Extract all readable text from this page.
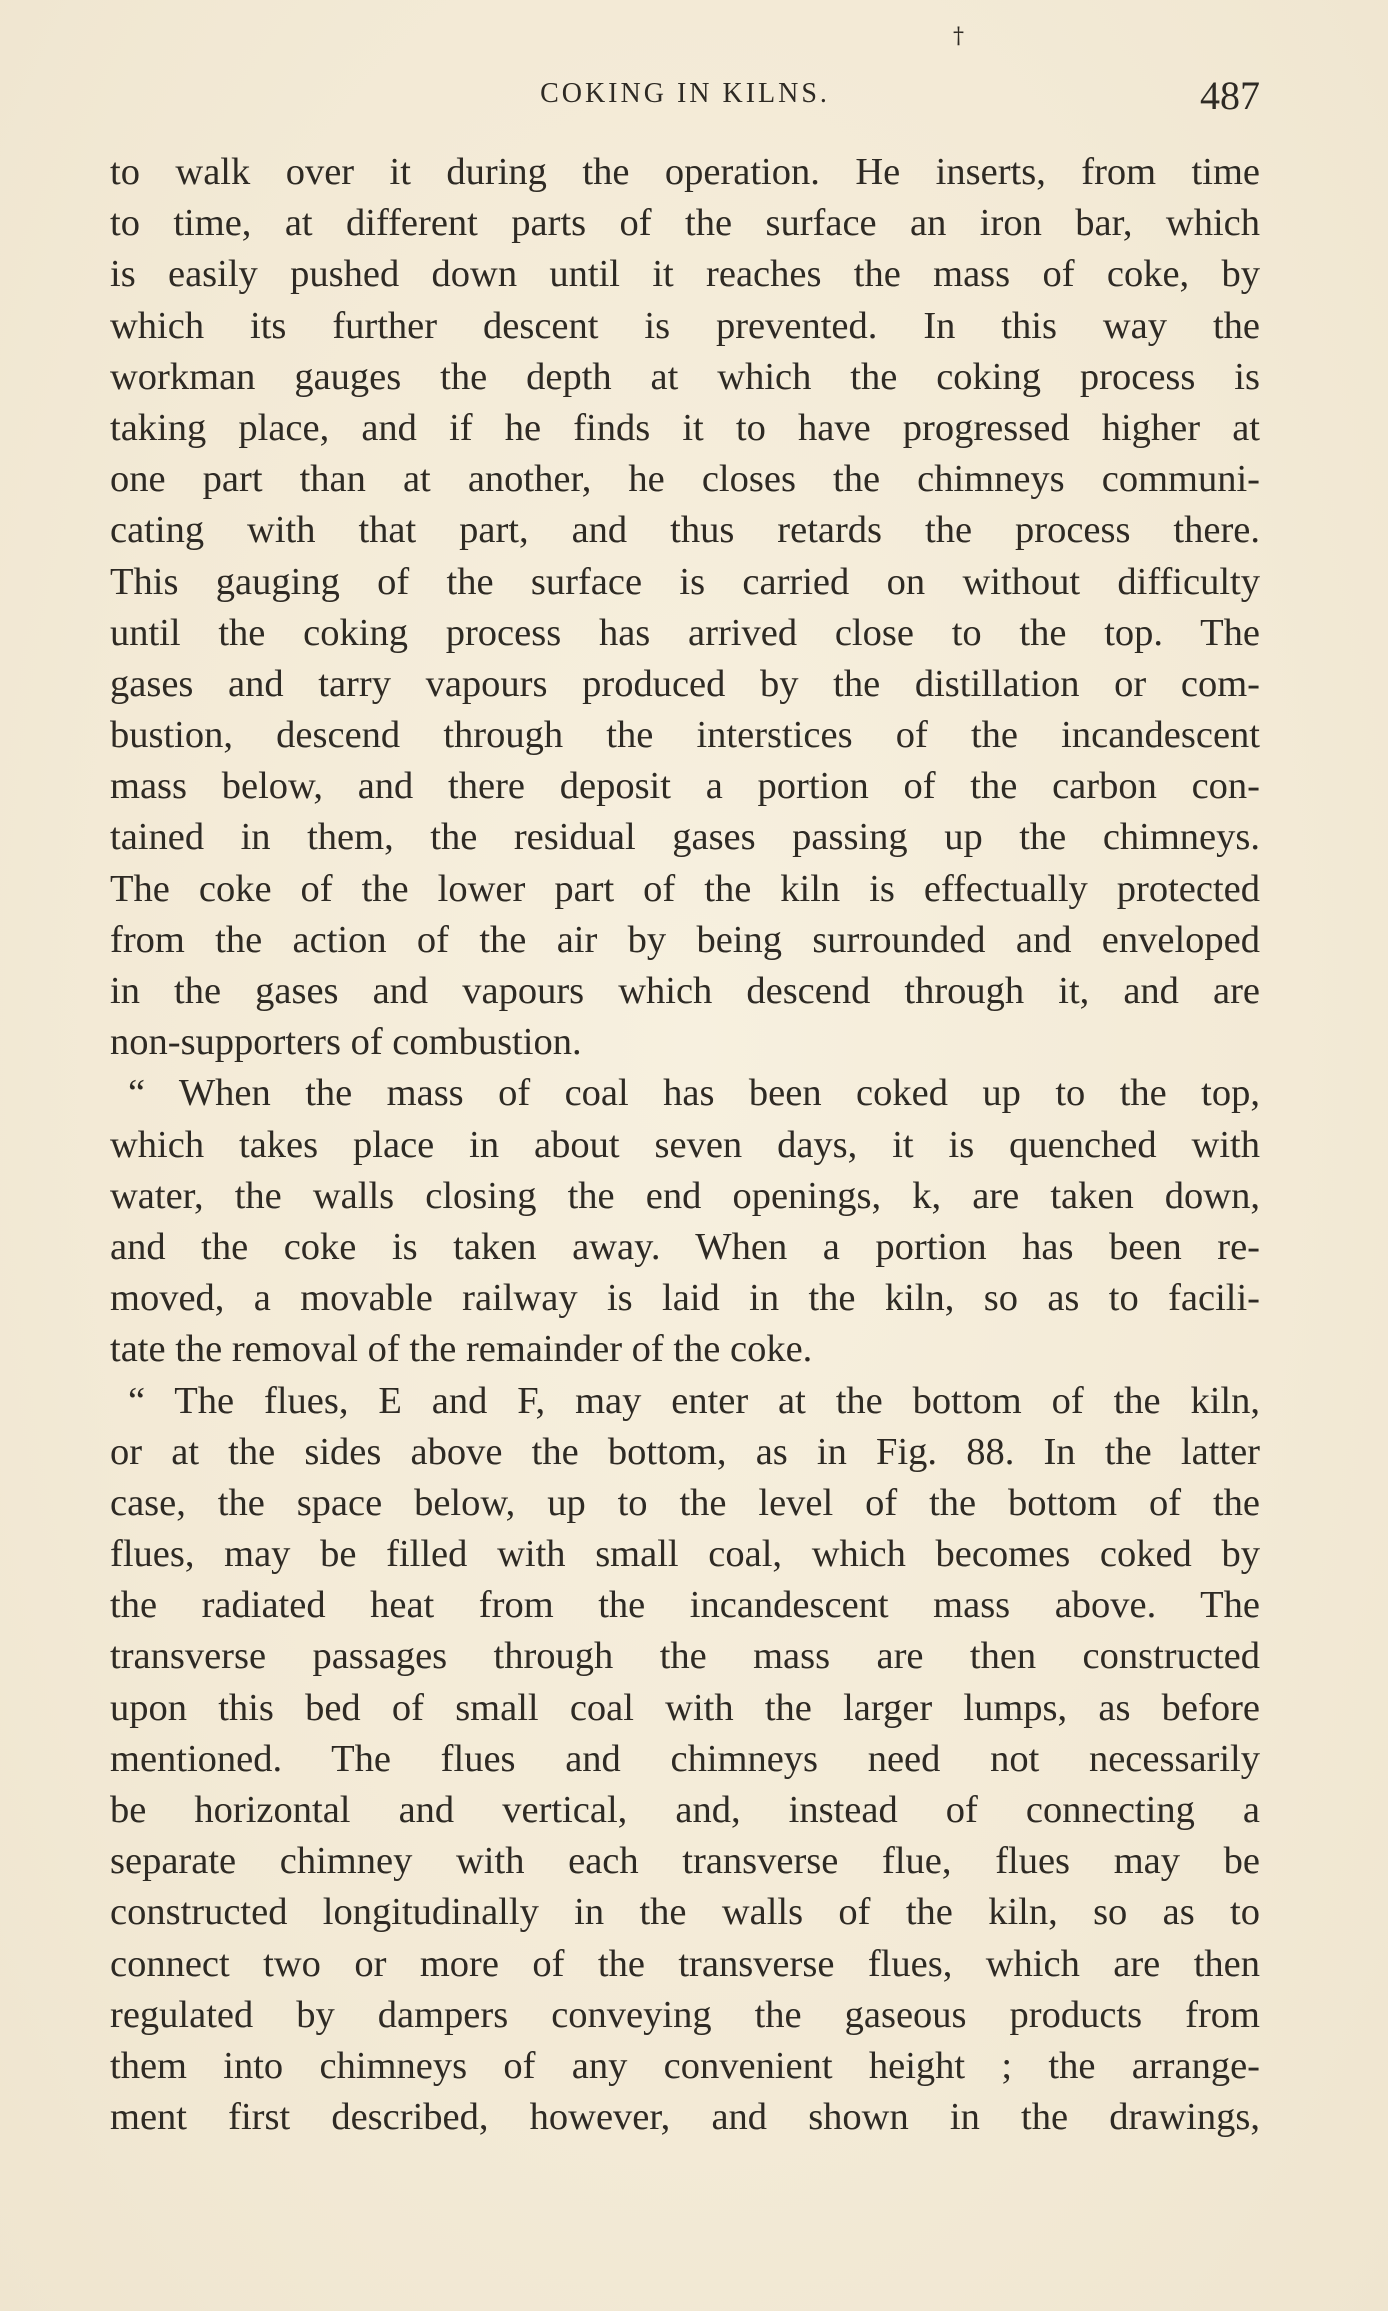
†
COKING IN KILNS.	487
to walk over it during the operation. He inserts, from time
to time, at different parts of the surface an iron bar, which
is easily pushed down until it reaches the mass of coke, by
which its further descent is prevented. In this way the
workman gauges the depth at which the coking process is
taking place, and if he finds it to have progressed higher at
one part than at another, he closes the chimneys communi-
cating with that part, and thus retards the process there.
This gauging of the surface is carried on without difficulty
until the coking process has arrived close to the top. The
gases and tarry vapours produced by the distillation or com-
bustion, descend through the interstices of the incandescent
mass below, and there deposit a portion of the carbon con-
tained in them, the residual gases passing up the chimneys.
The coke of the lower part of the kiln is effectually protected
from the action of the air by being surrounded and enveloped
in the gases and vapours which descend through it, and are
non-supporters of combustion.
“ When the mass of coal has been coked up to the top,
which takes place in about seven days, it is quenched with
water, the walls closing the end openings, k, are taken down,
and the coke is taken away. When a portion has been re-
moved, a movable railway is laid in the kiln, so as to facili-
tate the removal of the remainder of the coke.
“ The flues, E and F, may enter at the bottom of the kiln,
or at the sides above the bottom, as in Fig. 88. In the latter
case, the space below, up to the level of the bottom of the
flues, may be filled with small coal, which becomes coked by
the radiated heat from the incandescent mass above. The
transverse passages through the mass are then constructed
upon this bed of small coal with the larger lumps, as before
mentioned. The flues and chimneys need not necessarily
be horizontal and vertical, and, instead of connecting a
separate chimney with each transverse flue, flues may be
constructed longitudinally in the walls of the kiln, so as to
connect two or more of the transverse flues, which are then
regulated by dampers conveying the gaseous products from
them into chimneys of any convenient height ; the arrange-
ment first described, however, and shown in the drawings,
